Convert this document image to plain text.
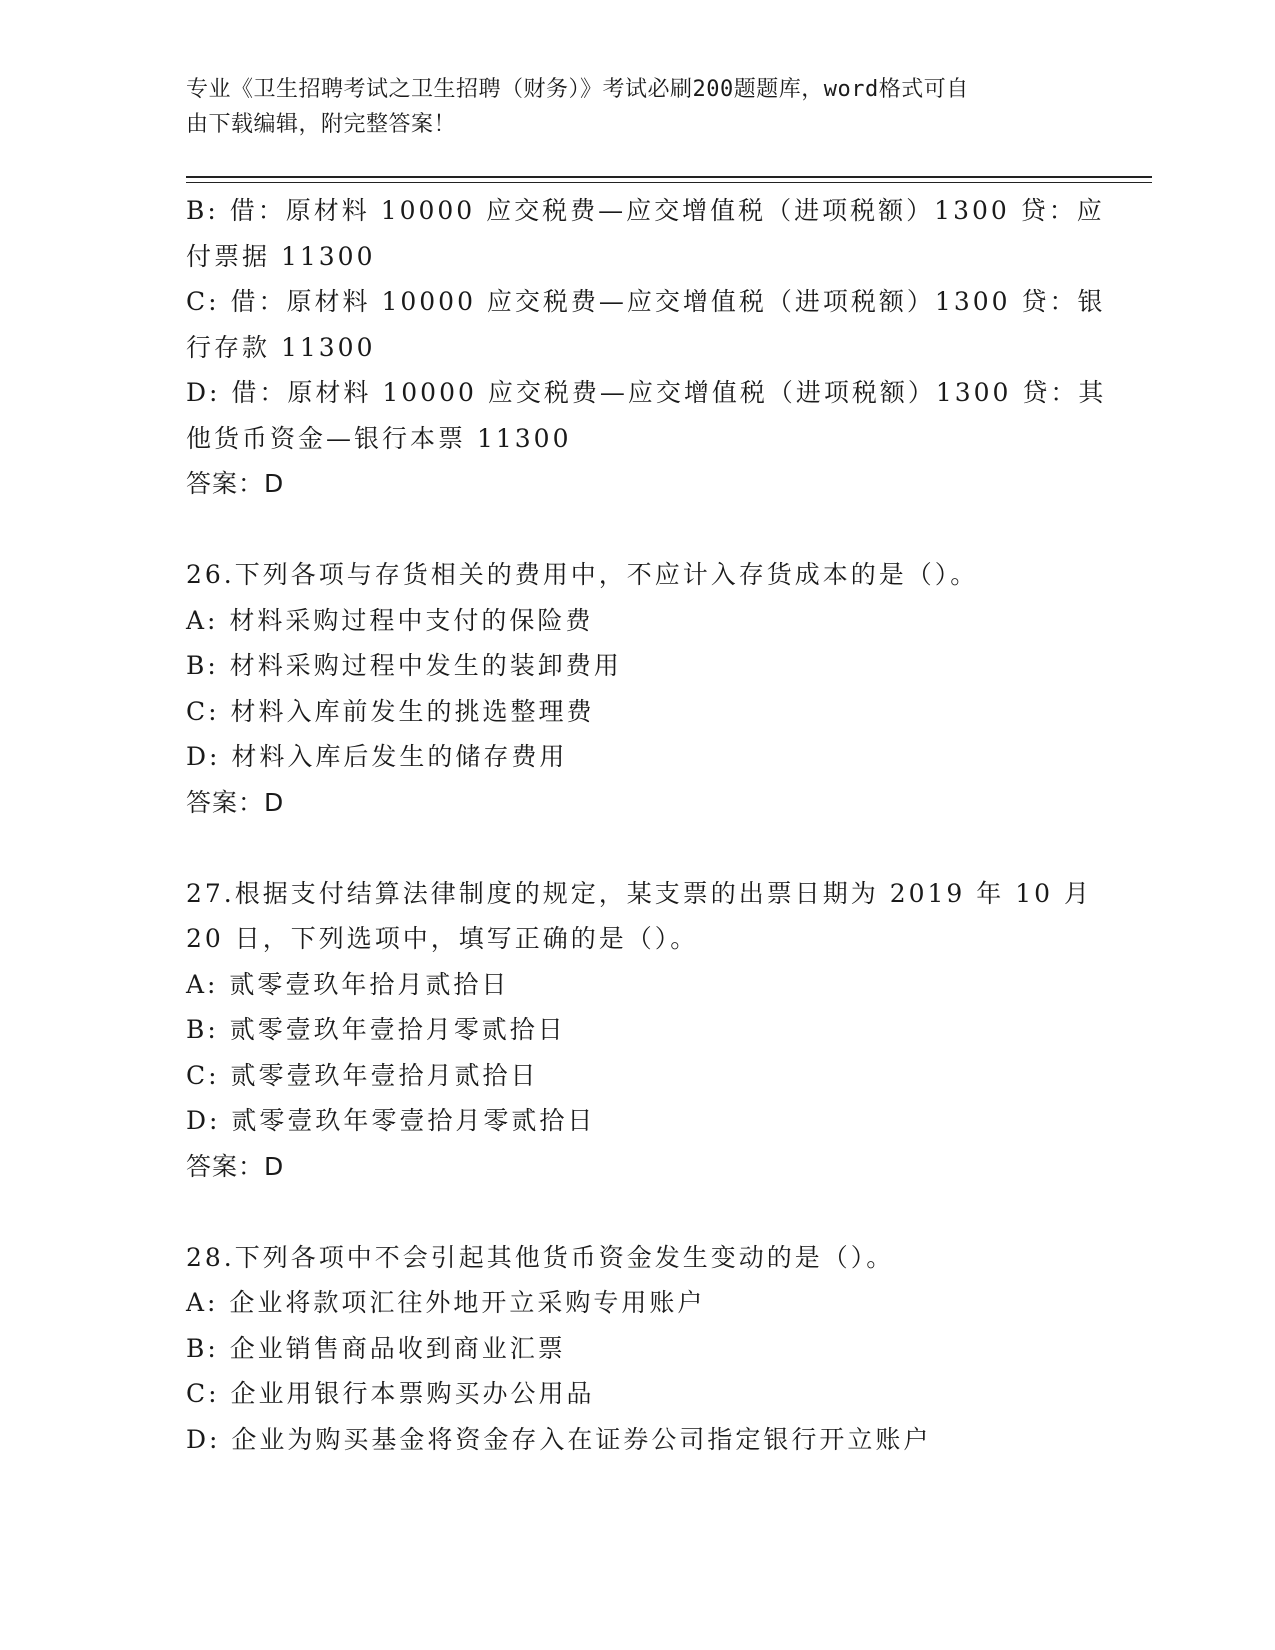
专业《卫生招聘考试之卫生招聘（财务）》考试必刷200题题库，word格式可自
由下载编辑，附完整答案！
B: 借：原材料 10000 应交税费—应交增值税（进项税额）1300 贷：应
付票据 11300
C: 借：原材料 10000 应交税费—应交增值税（进项税额）1300 贷：银
行存款 11300
D: 借：原材料 10000 应交税费—应交增值税（进项税额）1300 贷：其
他货币资金—银行本票 11300
答案：D
26.下列各项与存货相关的费用中，不应计入存货成本的是（）。
A: 材料采购过程中支付的保险费
B: 材料采购过程中发生的装卸费用
C: 材料入库前发生的挑选整理费
D: 材料入库后发生的储存费用
答案：D
27.根据支付结算法律制度的规定，某支票的出票日期为 2019 年 10 月
20 日，下列选项中，填写正确的是（）。
A: 贰零壹玖年拾月贰拾日
B: 贰零壹玖年壹拾月零贰拾日
C: 贰零壹玖年壹拾月贰拾日
D: 贰零壹玖年零壹拾月零贰拾日
答案：D
28.下列各项中不会引起其他货币资金发生变动的是（）。
A: 企业将款项汇往外地开立采购专用账户
B: 企业销售商品收到商业汇票
C: 企业用银行本票购买办公用品
D: 企业为购买基金将资金存入在证券公司指定银行开立账户
